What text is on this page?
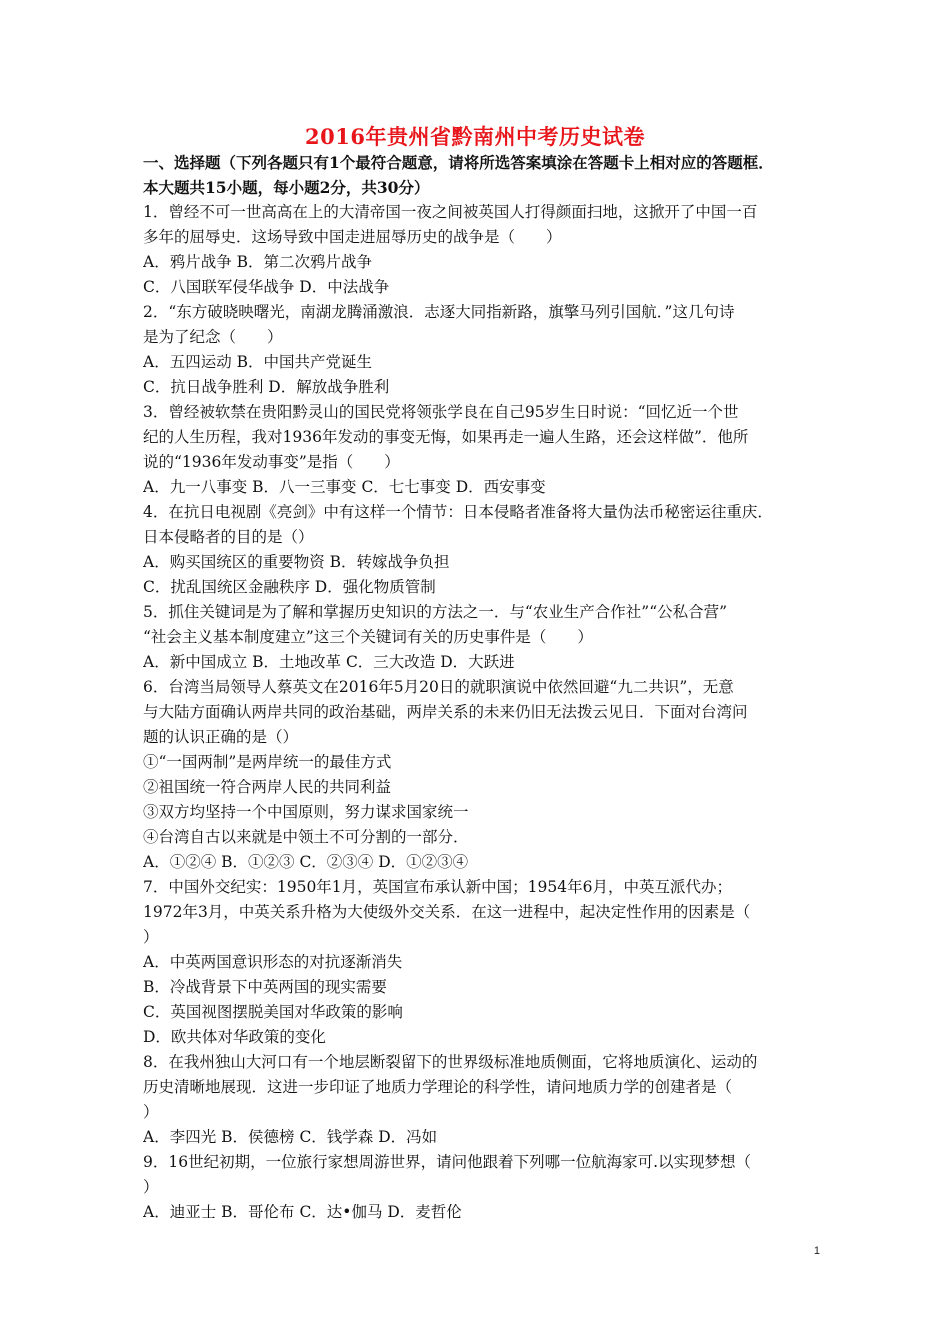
2016年贵州省黔南州中考历史试卷
一、选择题（下列各题只有1个最符合题意，请将所选答案填涂在答题卡上相对应的答题框．
本大题共15小题，每小题2分，共30分）
1．曾经不可一世高高在上的大清帝国一夜之间被英国人打得颜面扫地，这掀开了中国一百
多年的屈辱史．这场导致中国走进屈辱历史的战争是（　　）
A．鸦片战争 B．第二次鸦片战争
C．八国联军侵华战争 D．中法战争
2．“东方破晓映曙光，南湖龙腾涌激浪．志逐大同指新路，旗擎马列引国航．”这几句诗
是为了纪念（　　）
A．五四运动 B．中国共产党诞生
C．抗日战争胜利 D．解放战争胜利
3．曾经被软禁在贵阳黔灵山的国民党将领张学良在自己95岁生日时说：“回忆近一个世
纪的人生历程，我对1936年发动的事变无悔，如果再走一遍人生路，还会这样做”．他所
说的“1936年发动事变”是指（　　）
A．九一八事变 B．八一三事变 C．七七事变 D．西安事变
4．在抗日电视剧《亮剑》中有这样一个情节：日本侵略者准备将大量伪法币秘密运往重庆．
日本侵略者的目的是（）
A．购买国统区的重要物资 B．转嫁战争负担
C．扰乱国统区金融秩序 D．强化物质管制
5．抓住关键词是为了解和掌握历史知识的方法之一．与“农业生产合作社”“公私合营”
“社会主义基本制度建立”这三个关键词有关的历史事件是（　　）
A．新中国成立 B．土地改革 C．三大改造 D．大跃进
6．台湾当局领导人蔡英文在2016年5月20日的就职演说中依然回避“九二共识”，无意
与大陆方面确认两岸共同的政治基础，两岸关系的未来仍旧无法拨云见日．下面对台湾问
题的认识正确的是（）
①“一国两制”是两岸统一的最佳方式
②祖国统一符合两岸人民的共同利益
③双方均坚持一个中国原则，努力谋求国家统一
④台湾自古以来就是中领土不可分割的一部分．
A．①②④ B．①②③ C．②③④ D．①②③④
7．中国外交纪实：1950年1月，英国宣布承认新中国；1954年6月，中英互派代办；
1972年3月，中英关系升格为大使级外交关系．在这一进程中，起决定性作用的因素是（
）
A．中英两国意识形态的对抗逐渐消失
B．冷战背景下中英两国的现实需要
C．英国视图摆脱美国对华政策的影响
D．欧共体对华政策的变化
8．在我州独山大河口有一个地层断裂留下的世界级标准地质侧面，它将地质演化、运动的
历史清晰地展现．这进一步印证了地质力学理论的科学性，请问地质力学的创建者是（
）
A．李四光 B．侯德榜 C．钱学森 D．冯如
9．16世纪初期，一位旅行家想周游世界，请问他跟着下列哪一位航海家可.以实现梦想（
）
A．迪亚士 B．哥伦布 C．达•伽马 D．麦哲伦
1
